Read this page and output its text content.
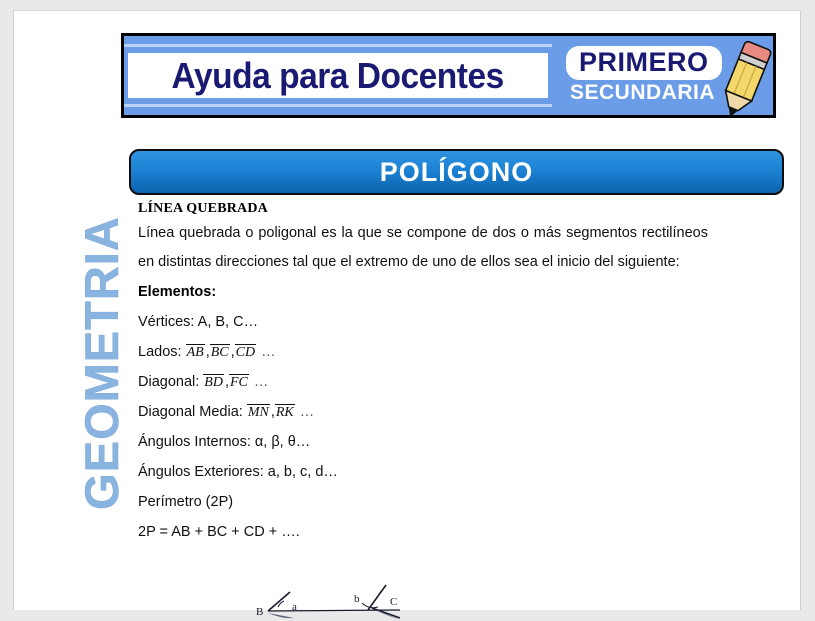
GEOMETRIA
Ayuda para Docentes	PRIMERO
SECUNDARIA
POLÍGONO
LÍNEA QUEBRADA

Línea quebrada o poligonal es la que se compone de dos o más segmentos rectilíneos en distintas direcciones tal que el extremo de uno de ellos sea el inicio del siguiente:

Elementos:
Vértices: A, B, C…
Lados: AB ,BC ,CD …
Diagonal: BD ,FC …
Diagonal Media: MN ,RK …
Ángulos Internos: α, β, θ…
Ángulos Exteriores: a, b, c, d…
Perímetro (2P)
2P = AB + BC + CD + ….
B	a
b	C
